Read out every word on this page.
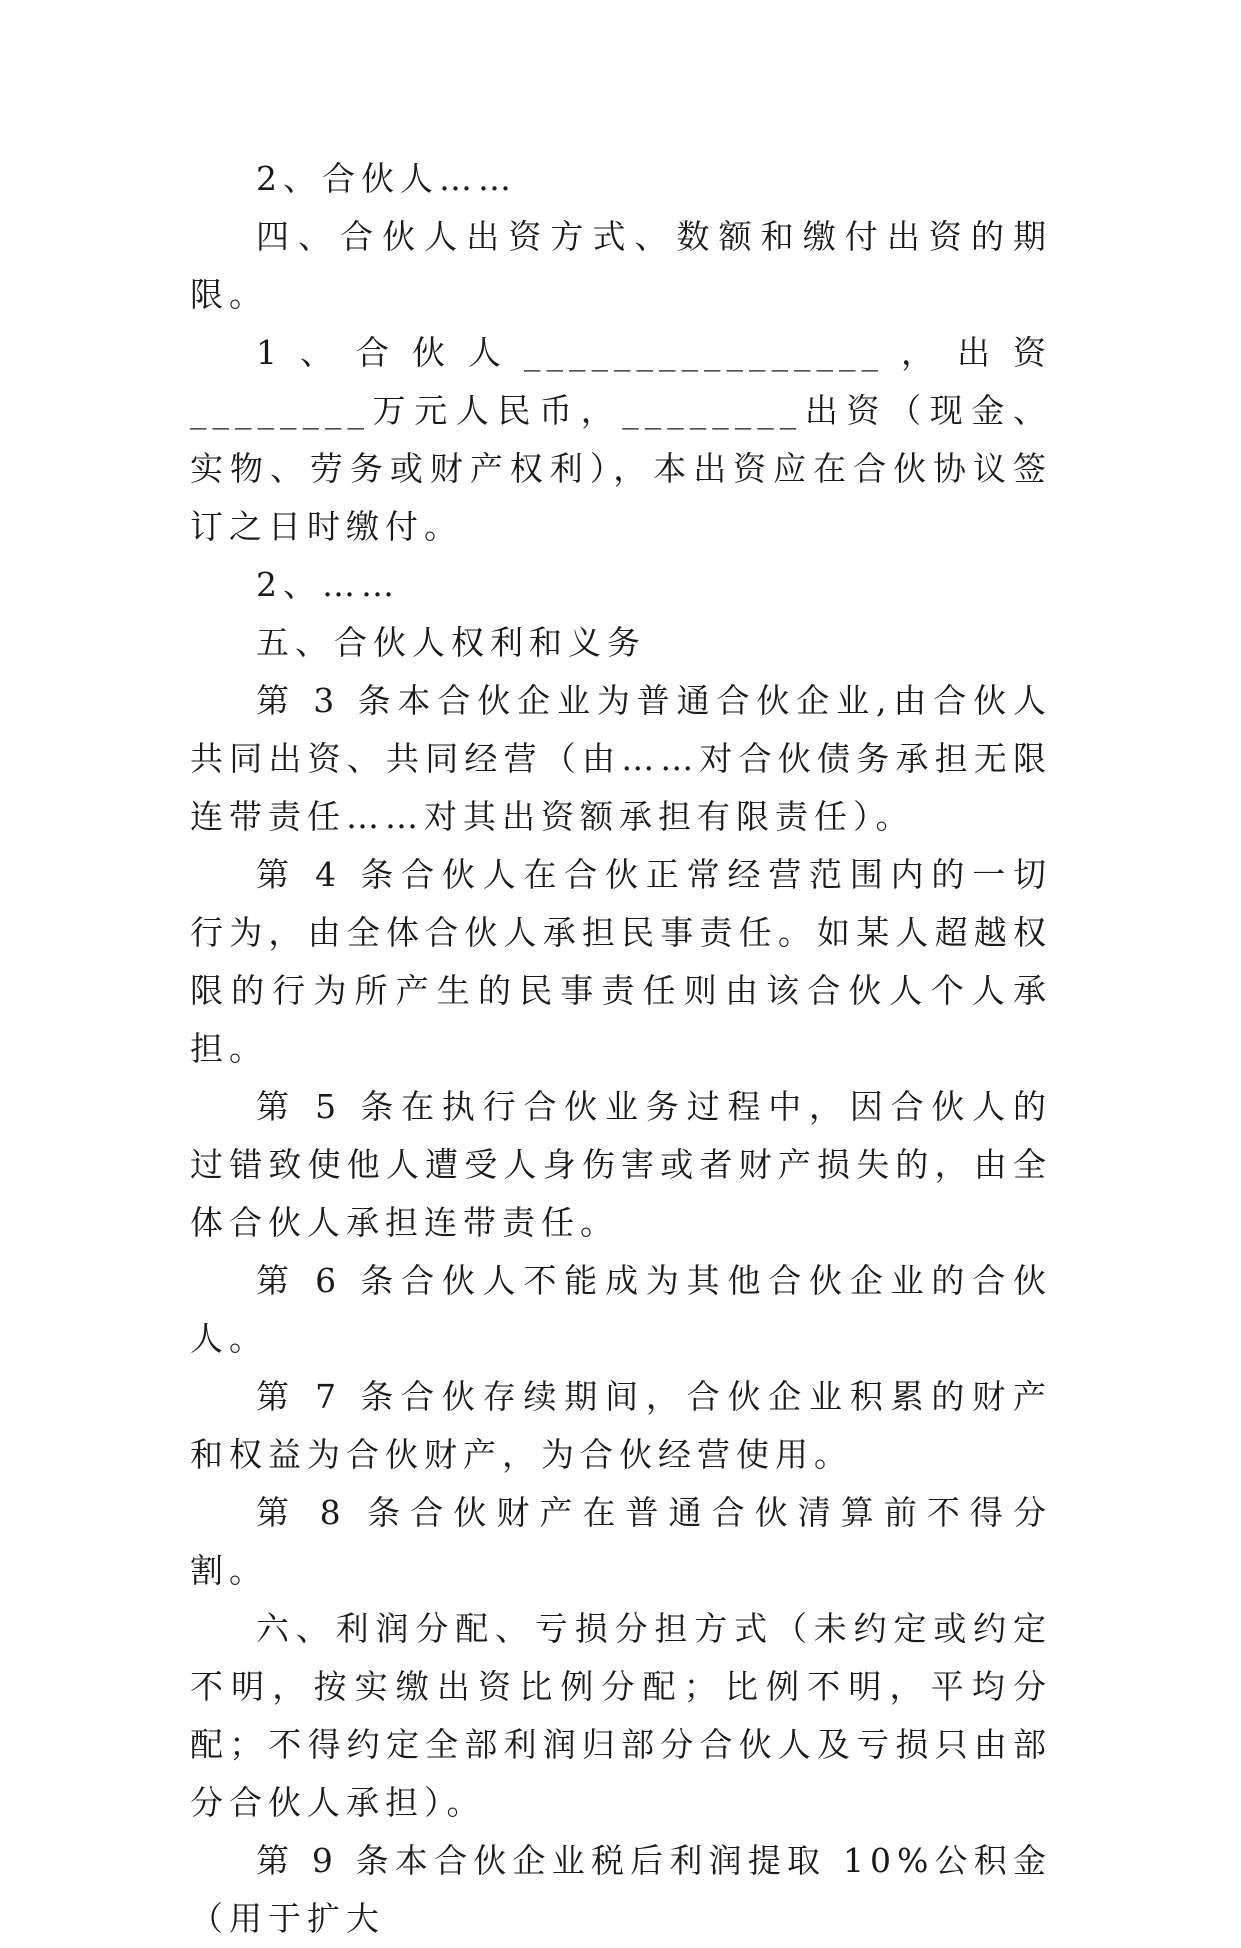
2、合伙人……

四、合伙人出资方式、数额和缴付出资的期限。

1、合伙人________________，出资________万元人民币，________出资（现金、实物、劳务或财产权利），本出资应在合伙协议签订之日时缴付。

2、……

五、合伙人权利和义务

第 3 条本合伙企业为普通合伙企业,由合伙人共同出资、共同经营（由……对合伙债务承担无限连带责任……对其出资额承担有限责任）。

第 4 条合伙人在合伙正常经营范围内的一切行为，由全体合伙人承担民事责任。如某人超越权限的行为所产生的民事责任则由该合伙人个人承担。

第 5 条在执行合伙业务过程中，因合伙人的过错致使他人遭受人身伤害或者财产损失的，由全体合伙人承担连带责任。

第 6 条合伙人不能成为其他合伙企业的合伙人。

第 7 条合伙存续期间，合伙企业积累的财产和权益为合伙财产，为合伙经营使用。

第 8 条合伙财产在普通合伙清算前不得分割。

六、利润分配、亏损分担方式（未约定或约定不明，按实缴出资比例分配；比例不明，平均分配；不得约定全部利润归部分合伙人及亏损只由部分合伙人承担）。

第 9 条本合伙企业税后利润提取 10%公积金（用于扩大
